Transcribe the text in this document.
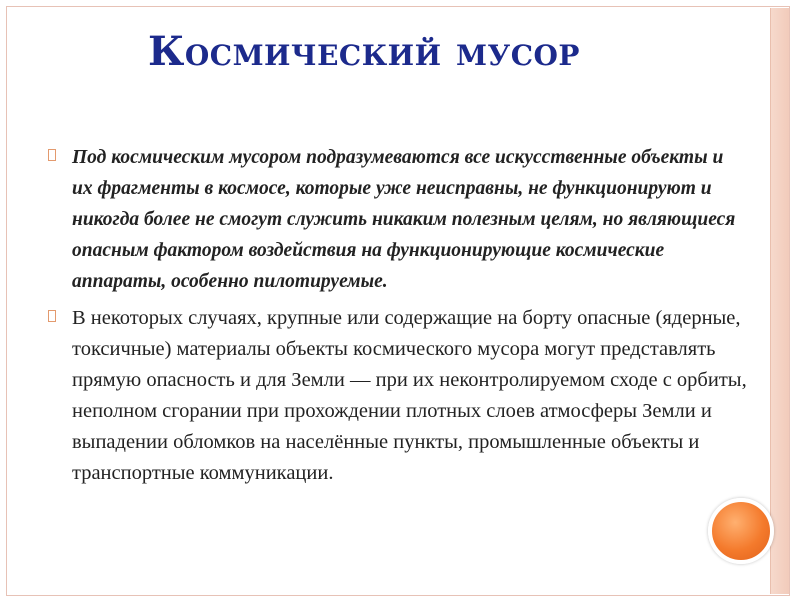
Космический мусор
Под космическим мусором подразумеваются все искусственные объекты и их фрагменты в космосе, которые уже неисправны, не функционируют и никогда более не смогут служить никаким полезным целям, но являющиеся опасным фактором воздействия на функционирующие космические аппараты, особенно пилотируемые.
В некоторых случаях, крупные или содержащие на борту опасные (ядерные, токсичные) материалы объекты космического мусора могут представлять прямую опасность и для Земли — при их неконтролируемом сходе с орбиты, неполном сгорании при прохождении плотных слоев атмосферы Земли и выпадении обломков на населённые пункты, промышленные объекты и транспортные коммуникации.
